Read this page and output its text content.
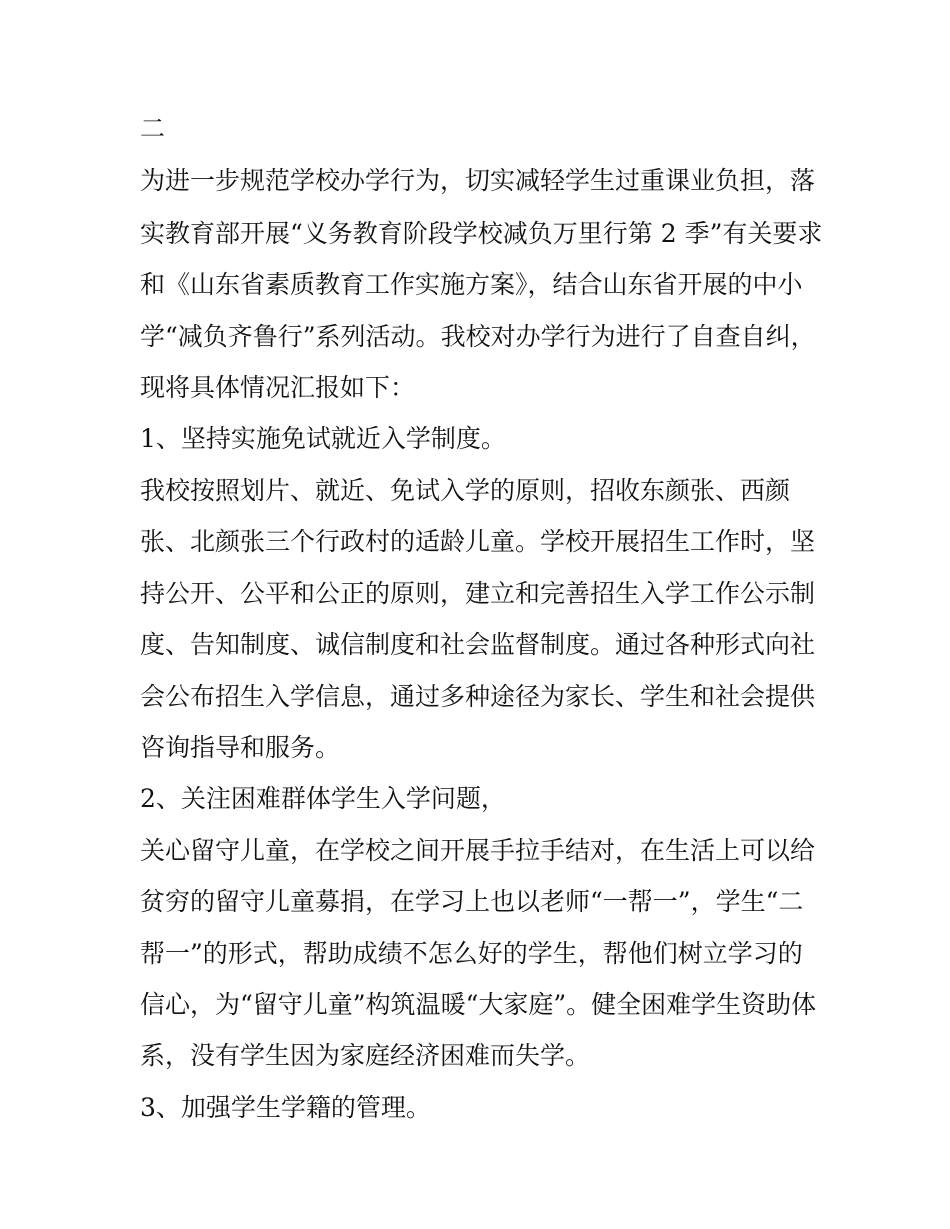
二

为进一步规范学校办学行为，切实减轻学生过重课业负担，落

实教育部开展“义务教育阶段学校减负万里行第 2 季”有关要求

和《山东省素质教育工作实施方案》，结合山东省开展的中小

学“减负齐鲁行”系列活动。我校对办学行为进行了自查自纠，

现将具体情况汇报如下：

1、坚持实施免试就近入学制度。

我校按照划片、就近、免试入学的原则，招收东颜张、西颜

张、北颜张三个行政村的适龄儿童。学校开展招生工作时，坚

持公开、公平和公正的原则，建立和完善招生入学工作公示制

度、告知制度、诚信制度和社会监督制度。通过各种形式向社

会公布招生入学信息，通过多种途径为家长、学生和社会提供

咨询指导和服务。

2、关注困难群体学生入学问题，

关心留守儿童，在学校之间开展手拉手结对，在生活上可以给

贫穷的留守儿童募捐，在学习上也以老师“一帮一”，学生“二

帮一”的形式，帮助成绩不怎么好的学生，帮他们树立学习的

信心，为“留守儿童”构筑温暖“大家庭”。健全困难学生资助体

系，没有学生因为家庭经济困难而失学。

3、加强学生学籍的管理。
